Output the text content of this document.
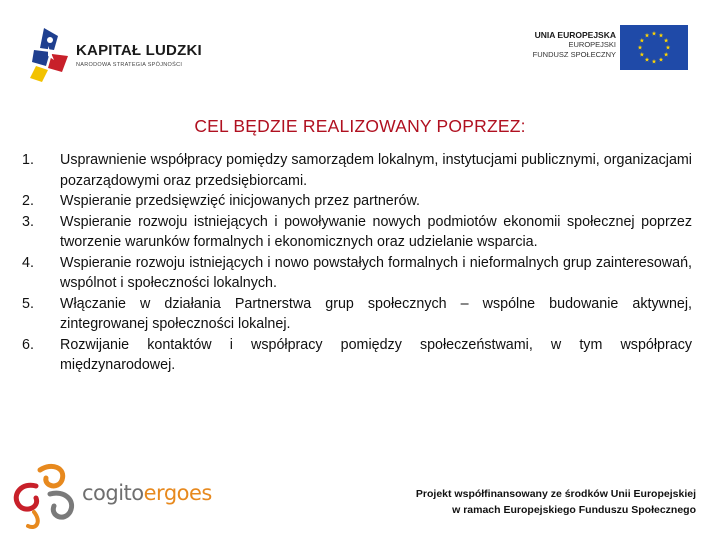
KAPITAŁ LUDZKI
NARODOWA STRATEGIA SPÓJNOŚCI
UNIA EUROPEJSKA
EUROPEJSKI
FUNDUSZ SPOŁECZNY
CEL BĘDZIE REALIZOWANY POPRZEZ:
1. Usprawnienie współpracy pomiędzy samorządem lokalnym, instytucjami publicznymi, organizacjami pozarządowymi oraz przedsiębiorcami.
2. Wspieranie przedsięwzięć inicjowanych przez partnerów.
3. Wspieranie rozwoju istniejących i powoływanie nowych podmiotów ekonomii społecznej poprzez tworzenie warunków formalnych i ekonomicznych oraz udzielanie wsparcia.
4. Wspieranie rozwoju istniejących i nowo powstałych formalnych i nieformalnych grup zainteresowań, wspólnot i społeczności lokalnych.
5. Włączanie w działania Partnerstwa grup społecznych – wspólne budowanie aktywnej, zintegrowanej społeczności lokalnej.
6. Rozwijanie kontaktów i współpracy pomiędzy społeczeństwami, w tym współpracy międzynarodowej.
cogitoergoes	Projekt współfinansowany ze środków Unii Europejskiej
w ramach Europejskiego Funduszu Społecznego
